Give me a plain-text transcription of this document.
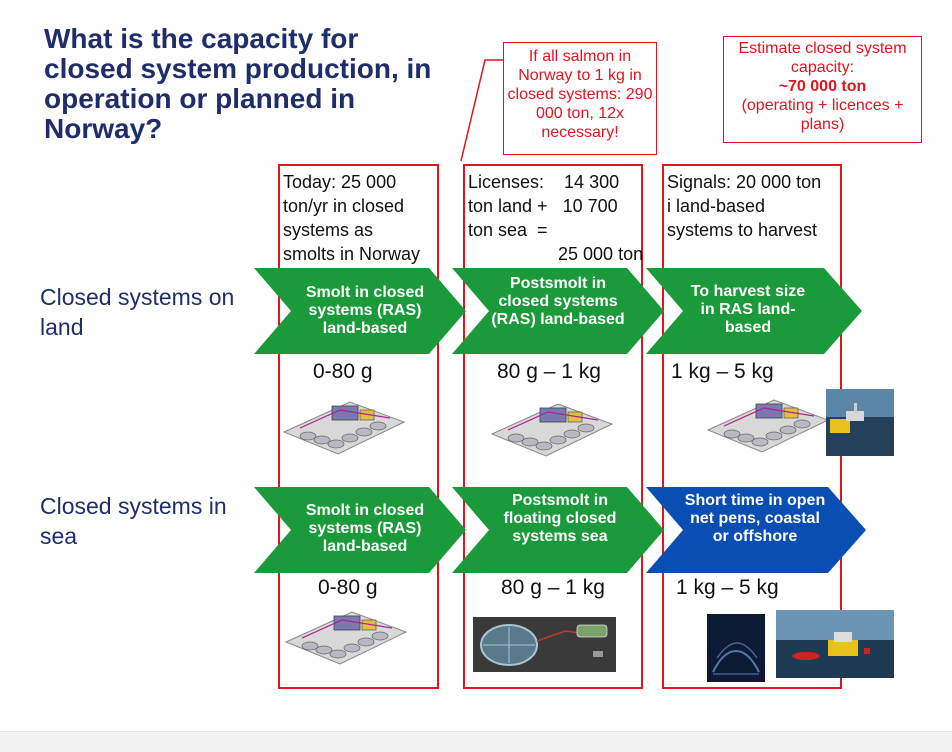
What is the capacity for closed system production, in operation or planned in Norway?
If all salmon in Norway to 1 kg in closed systems: 290 000 ton, 12x necessary!
Estimate closed system capacity:
~70 000 ton
(operating + licences + plans)
Today: 25 000
ton/yr in closed
systems as
smolts in Norway
Licenses:    14 300
ton land +   10 700
ton sea  =
25 000 ton
Signals: 20 000 ton
i land-based
systems to harvest
Closed systems on land
Closed systems in sea
Smolt in closed systems (RAS) land-based
Postsmolt in closed systems (RAS) land-based
To harvest size in RAS land-based
0-80 g	80 g – 1 kg	1 kg – 5 kg
Smolt in closed systems (RAS) land-based
Postsmolt in floating closed systems sea
Short time in open net pens, coastal or offshore
0-80 g	80 g – 1 kg	1 kg – 5 kg
